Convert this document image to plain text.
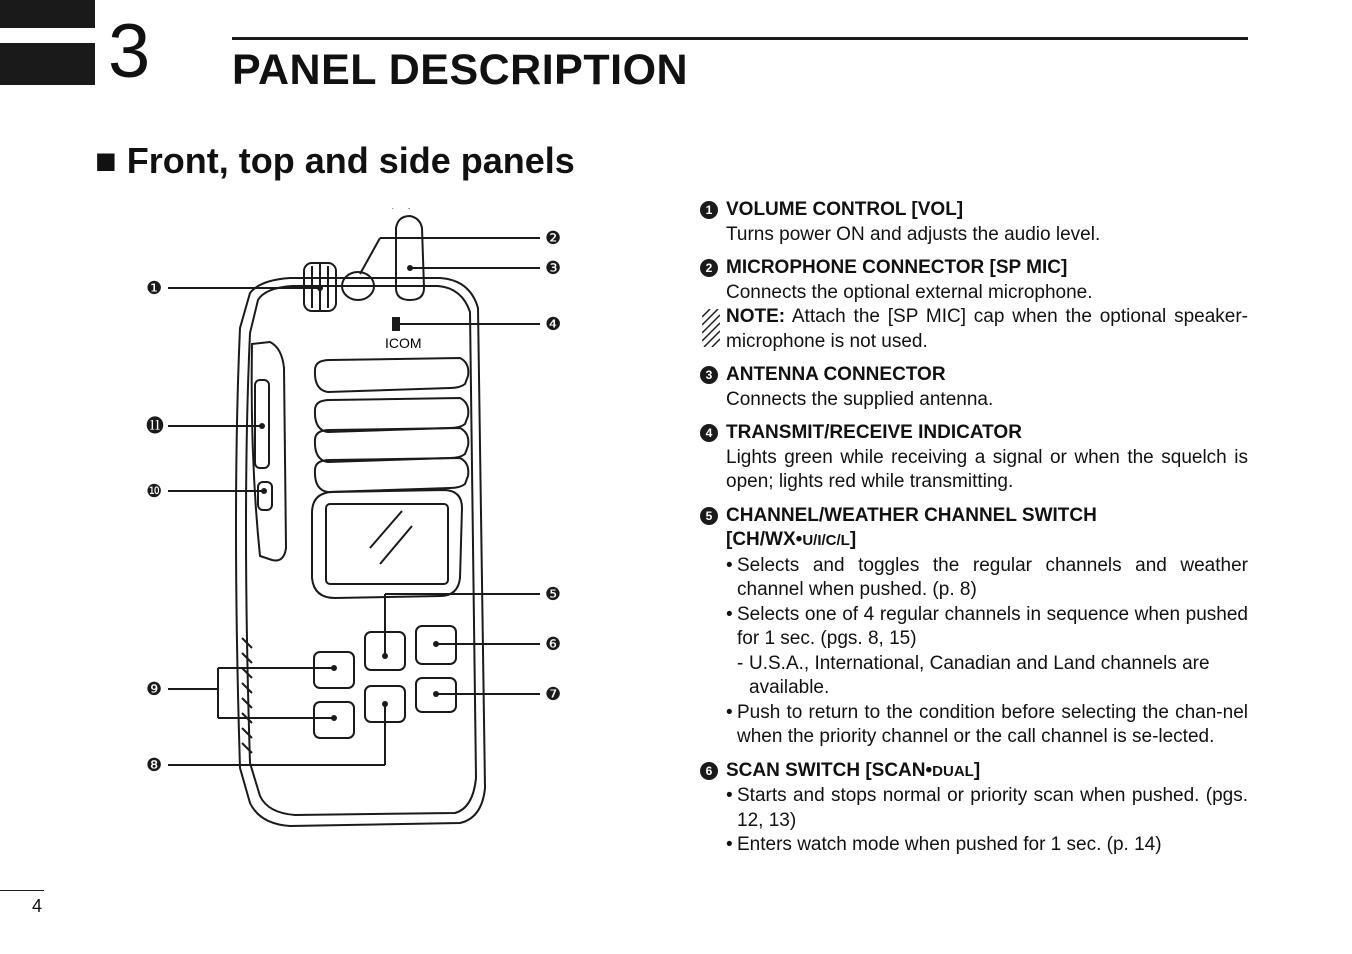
3 PANEL DESCRIPTION
■ Front, top and side panels
ICOM
❶
❷
❸
❹
❺
❻
❼
❽
❾
❿
⓫
1 VOLUME CONTROL [VOL]
Turns power ON and adjusts the audio level.
2 MICROPHONE CONNECTOR [SP MIC]
Connects the optional external microphone.
NOTE: Attach the [SP MIC] cap when the optional speaker-microphone is not used.
3 ANTENNA CONNECTOR
Connects the supplied antenna.
4 TRANSMIT/RECEIVE INDICATOR
Lights green while receiving a signal or when the squelch is open; lights red while transmitting.
5 CHANNEL/WEATHER CHANNEL SWITCH
[CH/WX•U/I/C/L]
• Selects and toggles the regular channels and weather channel when pushed. (p. 8)
• Selects one of 4 regular channels in sequence when pushed for 1 sec. (pgs. 8, 15)
- U.S.A., International, Canadian and Land channels are available.
• Push to return to the condition before selecting the chan-nel when the priority channel or the call channel is se-lected.
6 SCAN SWITCH [SCAN•DUAL]
• Starts and stops normal or priority scan when pushed. (pgs. 12, 13)
• Enters watch mode when pushed for 1 sec. (p. 14)
4
